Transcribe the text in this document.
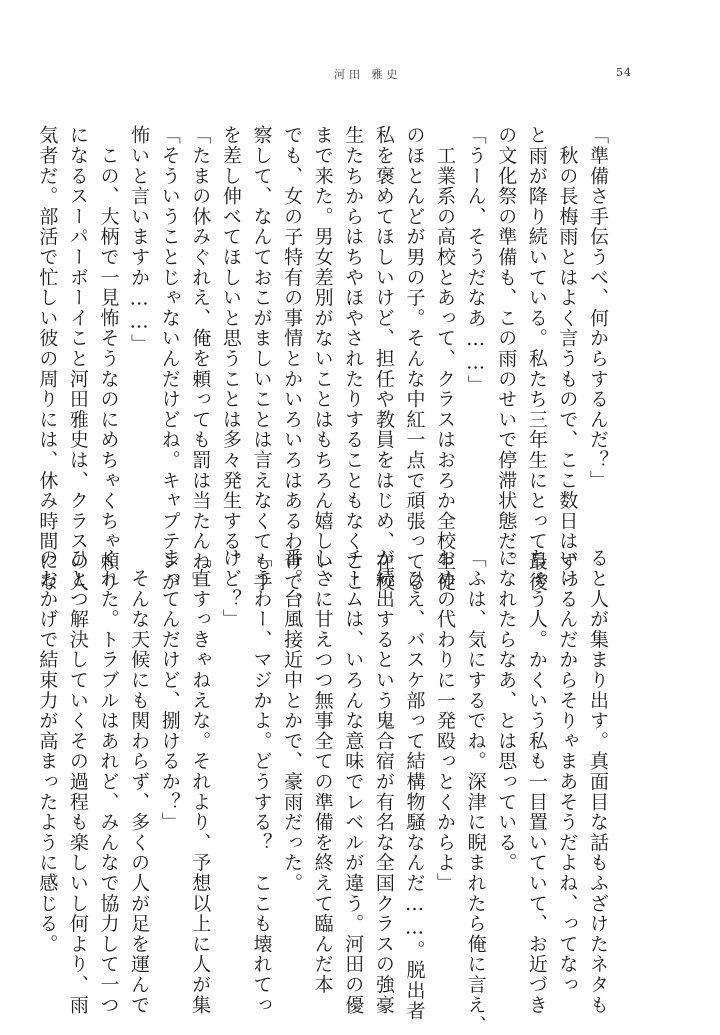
河田 雅史	54
「準備さ手伝うべ、何からするんだ？」
　秋の長梅雨とはよく言うもので、ここ数日はずっ
と雨が降り続いている。私たち三年生にとって最後
の文化祭の準備も、この雨のせいで停滞状態だ。
「うーん、そうだなあ……」
　工業系の高校とあって、クラスはおろか全校生徒
のほとんどが男の子。そんな中紅一点で頑張ってる
私を褒めてほしいけど、担任や教員をはじめ、在校
生たちからはちやほやされたりすることもなくここ
まで来た。男女差別がないことはもちろん嬉しい、
でも、女の子特有の事情とかいろいろはあるわけで。
察して、なんておこがましいことは言えなくても手
を差し伸べてほしいと思うことは多々発生する。
「たまの休みぐれえ、俺を頼っても罰は当たんね」
「そういうことじゃないんだけどね。キャプテンが
怖いと言いますか……」
　この、大柄で一見怖そうなのにめちゃくちゃ頼り
になるスーパーボーイこと河田雅史は、クラスの人
気者だ。部活で忙しい彼の周りには、休み時間にな
ると人が集まり出す。真面目な話もふざけたネタも
いけるんだからそりゃまあそうだよね、ってなっ
ちゃう人。かくいう私も一目置いていて、お近づき
になれたらなあ、とは思っている。
「ふは、気にするでね。深津に睨まれたら俺に言え、
おめの代わりに一発殴っとくからよ」
　ひえ、バスケ部って結構物騒なんだ……。脱出者
が続出するという鬼合宿が有名な全国クラスの強豪
チームは、いろんな意味でレベルが違う。河田の優
しさに甘えつつ無事全ての準備を終えて臨んだ本
番。台風接近中とかで、豪雨だった。
「うわー、マジかよ。どうする？　ここも壊れてっ
けど？」
「直すっきゃねえな。それより、予想以上に人が集
まってんだけど、捌けるか？」
　そんな天候にも関わらず、多くの人が足を運んで
くれた。トラブルはあれど、みんなで協力して一つ
ひとつ解決していくその過程も楽しいし何より、雨
のおかげで結束力が高まったように感じる。
